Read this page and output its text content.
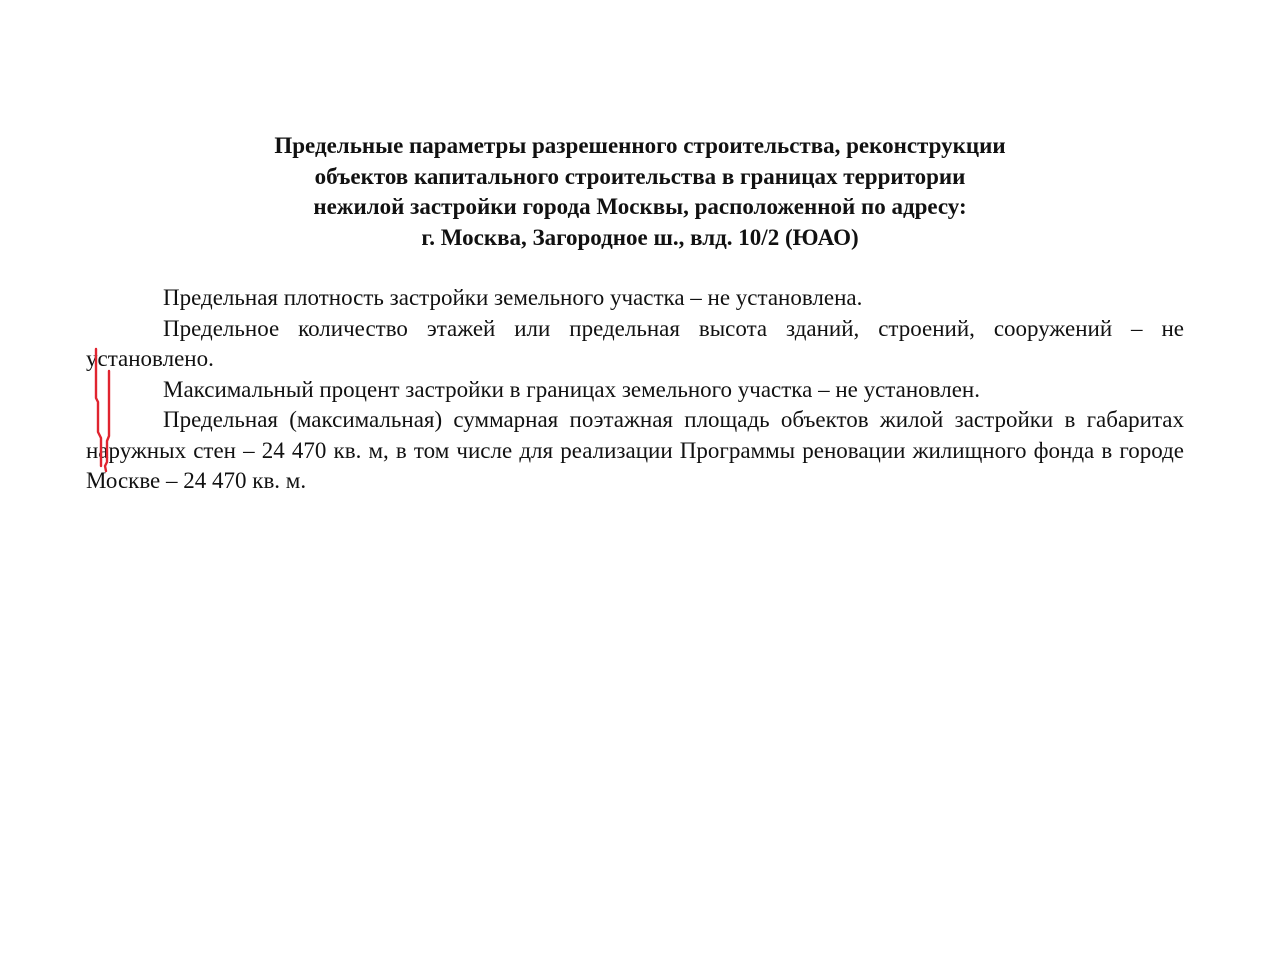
Предельные параметры разрешенного строительства, реконструкции
объектов капитального строительства в границах территории
нежилой застройки города Москвы, расположенной по адресу:
г. Москва, Загородное ш., влд. 10/2 (ЮАО)

Предельная плотность застройки земельного участка – не установлена.

Предельное количество этажей или предельная высота зданий, строений, сооружений – не установлено.

Максимальный процент застройки в границах земельного участка – не установлен.

Предельная (максимальная) суммарная поэтажная площадь объектов жилой застройки в габаритах наружных стен – 24 470 кв. м, в том числе для реализации Программы реновации жилищного фонда в городе Москве – 24 470 кв. м.
